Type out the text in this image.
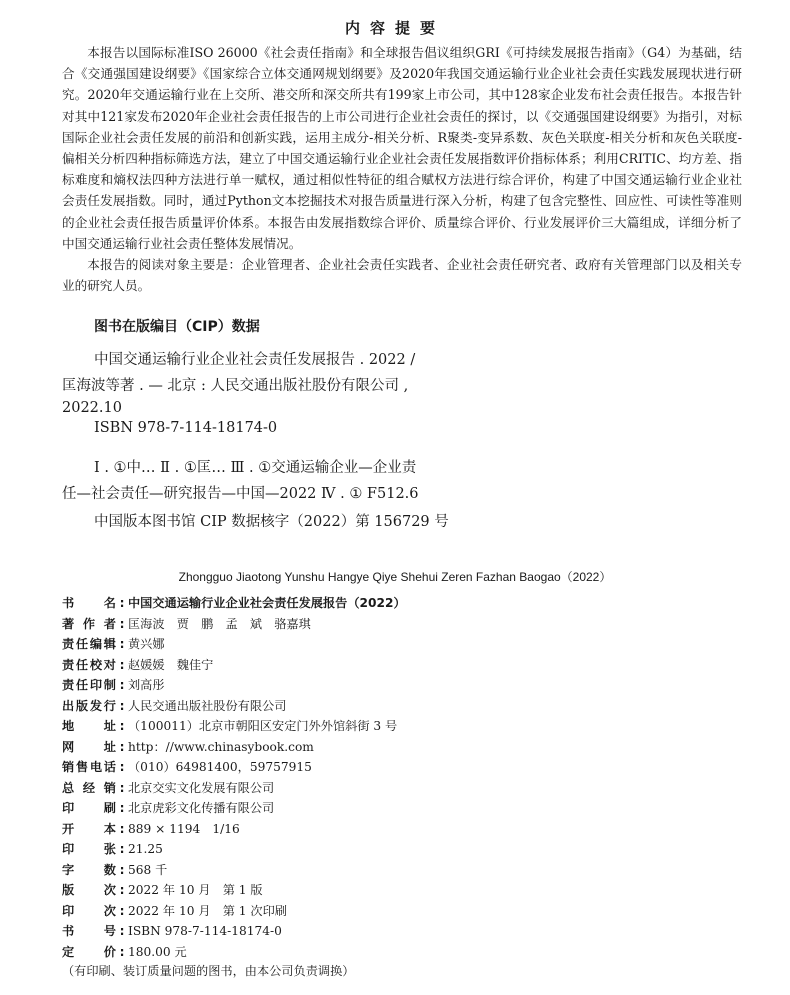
内容提要

本报告以国际标准ISO 26000《社会责任指南》和全球报告倡议组织GRI《可持续发展报告指南》（G4）为基础，结合《交通强国建设纲要》《国家综合立体交通网规划纲要》及2020年我国交通运输行业企业社会责任实践发展现状进行研究。2020年交通运输行业在上交所、港交所和深交所共有199家上市公司，其中128家企业发布社会责任报告。本报告针对其中121家发布2020年企业社会责任报告的上市公司进行企业社会责任的探讨，以《交通强国建设纲要》为指引，对标国际企业社会责任发展的前沿和创新实践，运用主成分-相关分析、R聚类-变异系数、灰色关联度-相关分析和灰色关联度-偏相关分析四种指标筛选方法，建立了中国交通运输行业企业社会责任发展指数评价指标体系；利用CRITIC、均方差、指标难度和熵权法四种方法进行单一赋权，通过相似性特征的组合赋权方法进行综合评价，构建了中国交通运输行业企业社会责任发展指数。同时，通过Python文本挖掘技术对报告质量进行深入分析，构建了包含完整性、回应性、可读性等准则的企业社会责任报告质量评价体系。本报告由发展指数综合评价、质量综合评价、行业发展评价三大篇组成，详细分析了中国交通运输行业社会责任整体发展情况。

本报告的阅读对象主要是：企业管理者、企业社会责任实践者、企业社会责任研究者、政府有关管理部门以及相关专业的研究人员。

图书在版编目（CIP）数据
中国交通运输行业企业社会责任发展报告 . 2022 /
匡海波等著 . — 北京 : 人民交通出版社股份有限公司 ,
2022.10
ISBN 978-7-114-18174-0
Ⅰ . ①中… Ⅱ . ①匡… Ⅲ . ①交通运输企业—企业责
任—社会责任—研究报告—中国—2022 Ⅳ . ① F512.6
中国版本图书馆 CIP 数据核字（2022）第 156729 号
Zhongguo Jiaotong Yunshu Hangye Qiye Shehui Zeren Fazhan Baogao（2022）
书名 : 中国交通运输行业企业社会责任发展报告（2022）
著作者 : 匡海波　贾　鹏　孟　斌　骆嘉琪
责任编辑 : 黄兴娜
责任校对 : 赵媛媛　魏佳宁
责任印制 : 刘高彤
出版发行 : 人民交通出版社股份有限公司
地址 : （100011）北京市朝阳区安定门外外馆斜街 3 号
网址 : http：//www.chinasybook.com
销售电话 : （010）64981400，59757915
总经销 : 北京交实文化发展有限公司
印刷 : 北京虎彩文化传播有限公司
开本 : 889 × 1194　1/16
印张 : 21.25
字数 : 568 千
版次 : 2022 年 10 月　第 1 版
印次 : 2022 年 10 月　第 1 次印刷
书号 : ISBN 978-7-114-18174-0
定价 : 180.00 元
（有印刷、装订质量问题的图书，由本公司负责调换）
